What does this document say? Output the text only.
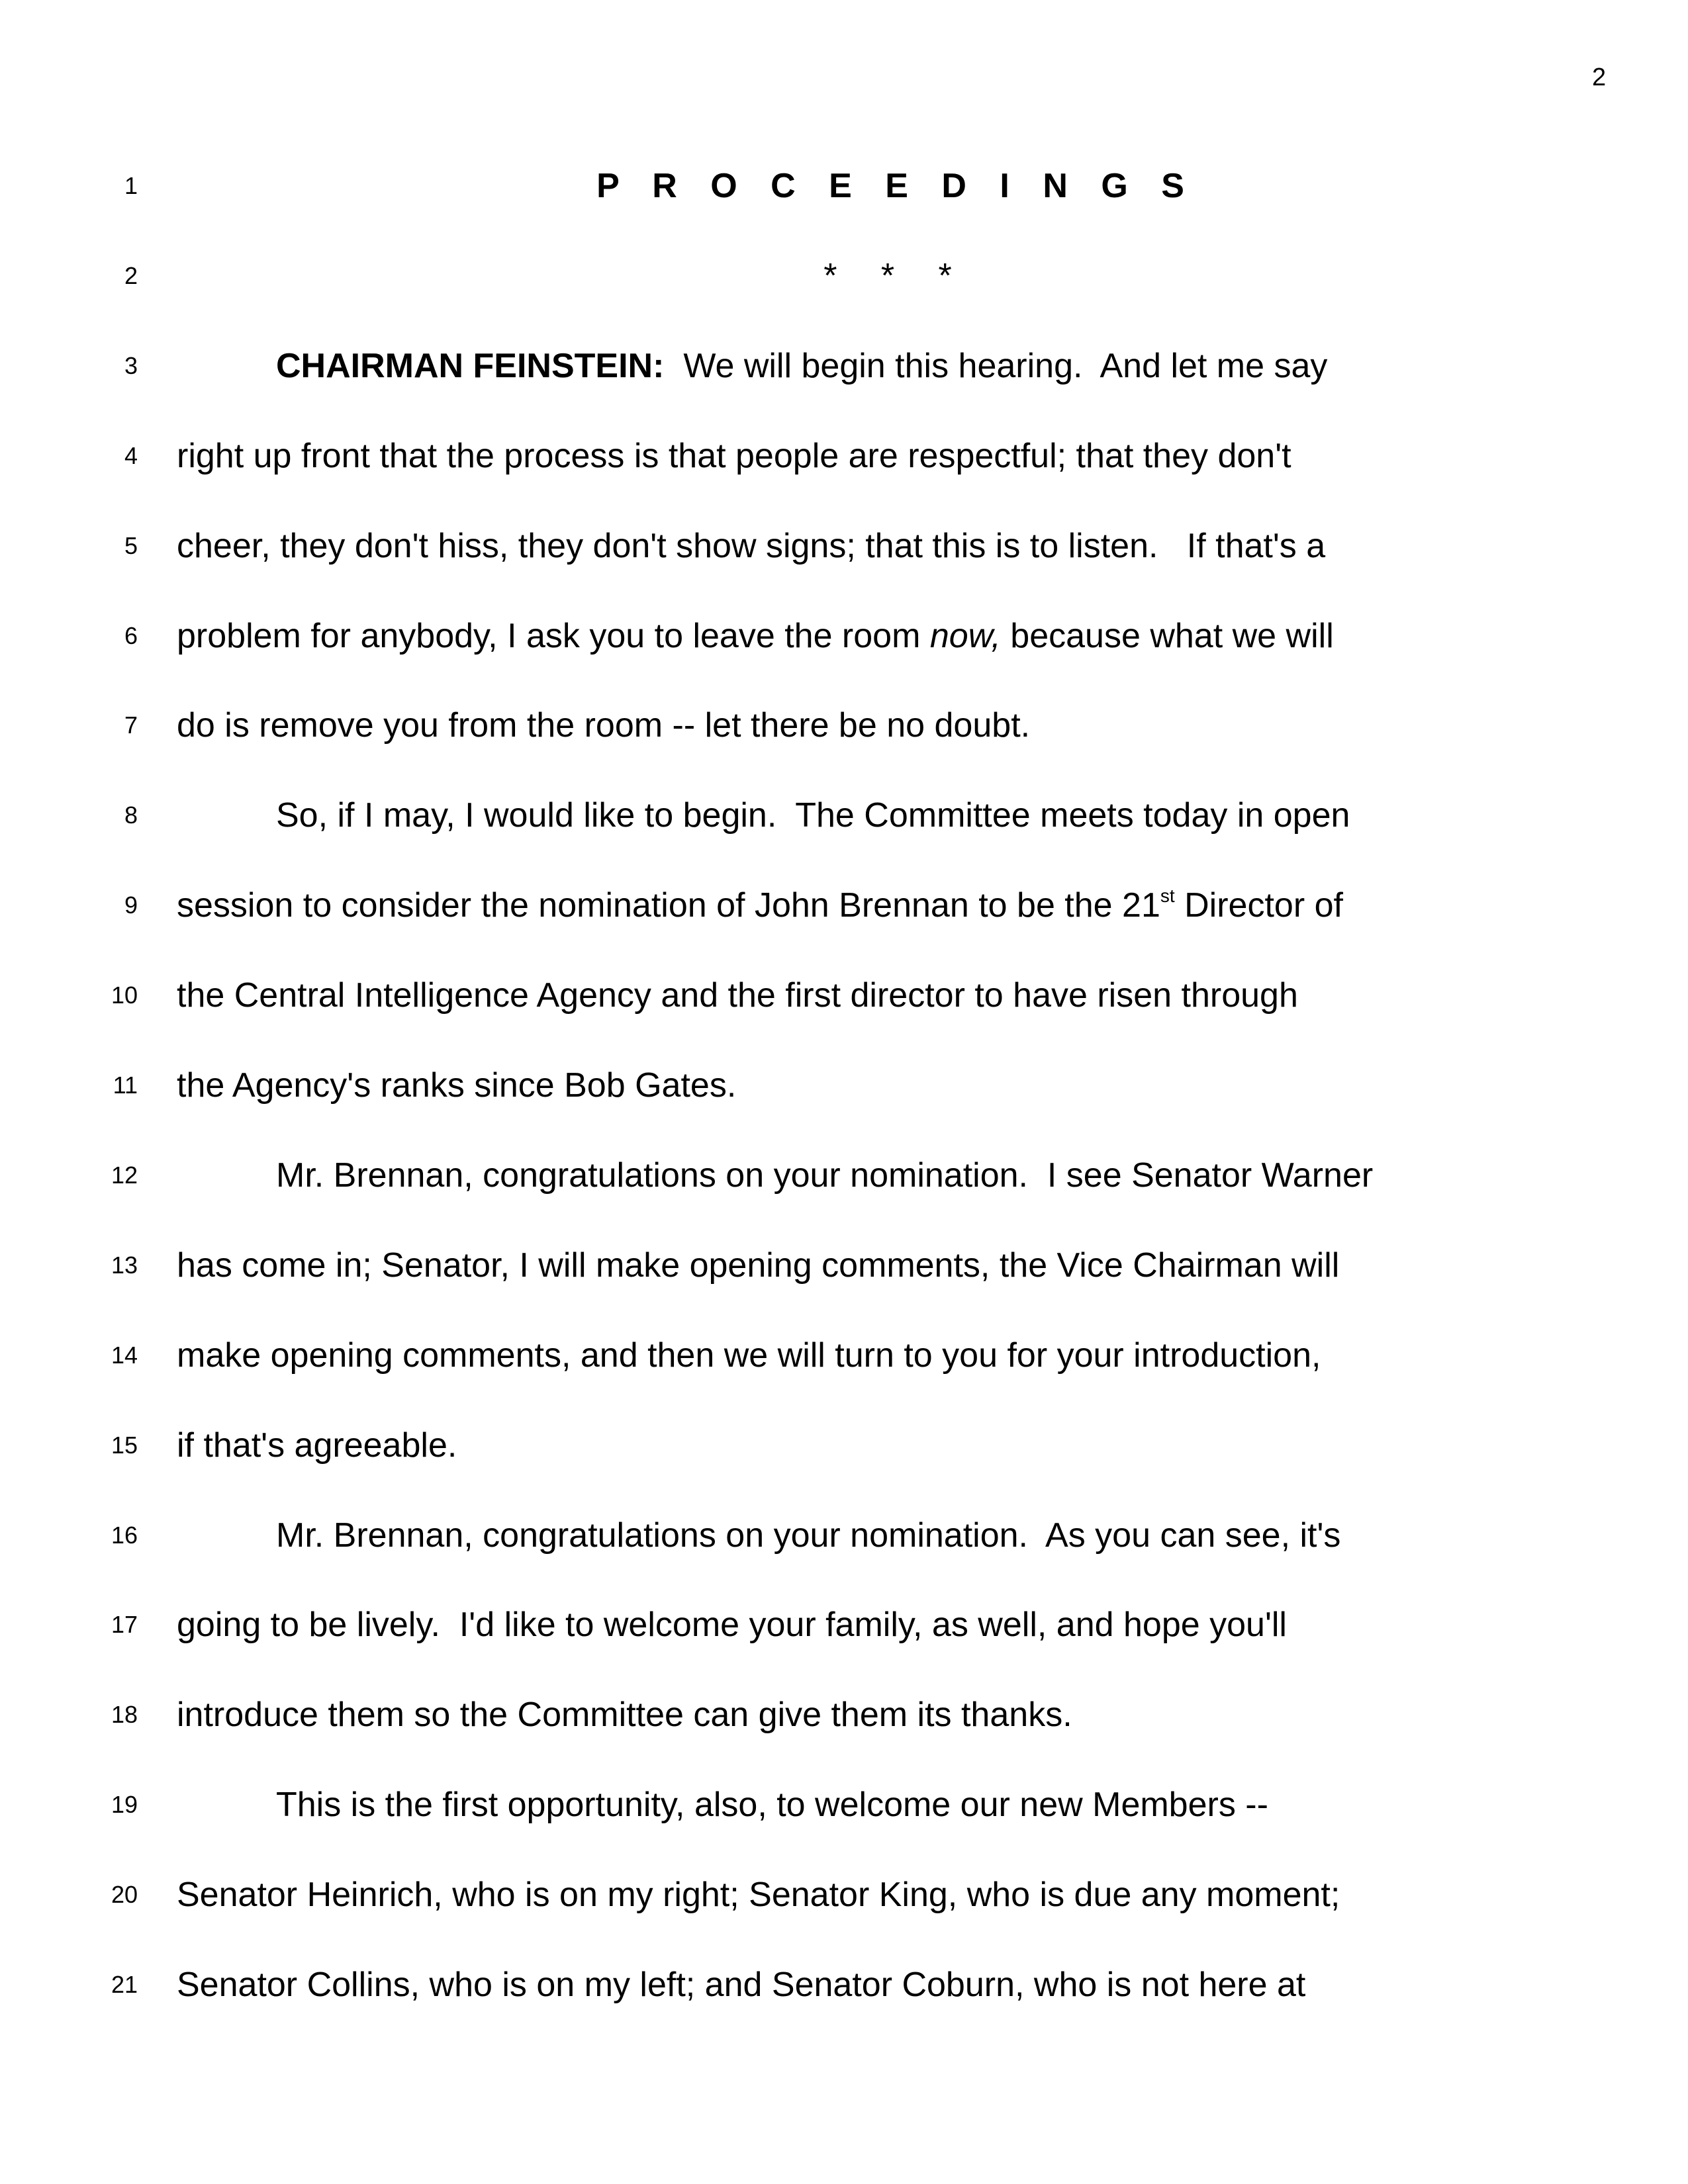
2
1	P R O C E E D I N G S
2	* * *
3	CHAIRMAN FEINSTEIN:  We will begin this hearing.  And let me say
4 right up front that the process is that people are respectful; that they don't
5 cheer, they don't hiss, they don't show signs; that this is to listen.   If that's a
6 problem for anybody, I ask you to leave the room now, because what we will
7 do is remove you from the room -- let there be no doubt.
8	So, if I may, I would like to begin.  The Committee meets today in open
9 session to consider the nomination of John Brennan to be the 21st Director of
10 the Central Intelligence Agency and the first director to have risen through
11 the Agency's ranks since Bob Gates.
12	Mr. Brennan, congratulations on your nomination.  I see Senator Warner
13 has come in; Senator, I will make opening comments, the Vice Chairman will
14 make opening comments, and then we will turn to you for your introduction,
15 if that's agreeable.
16	Mr. Brennan, congratulations on your nomination.  As you can see, it's
17 going to be lively.  I'd like to welcome your family, as well, and hope you'll
18 introduce them so the Committee can give them its thanks.
19	This is the first opportunity, also, to welcome our new Members --
20 Senator Heinrich, who is on my right; Senator King, who is due any moment;
21 Senator Collins, who is on my left; and Senator Coburn, who is not here at
